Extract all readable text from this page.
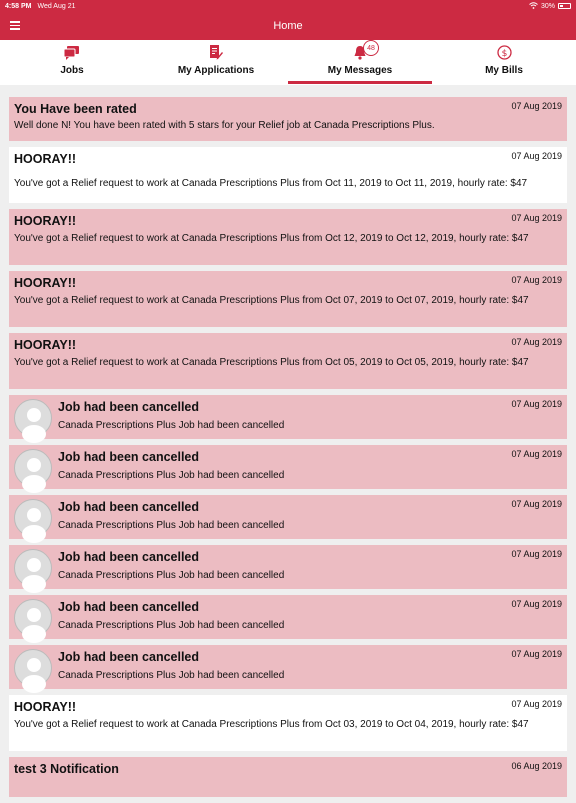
4:58 PM Wed Aug 21	30%
Home
Jobs	My Applications
48
My Messages
$
My Bills
You Have been rated	07 Aug 2019
Well done N! You have been rated with 5 stars for your Relief job at Canada Prescriptions Plus.
HOORAY!!	07 Aug 2019
You've got a Relief request to work at Canada Prescriptions Plus from Oct 11, 2019 to Oct 11, 2019, hourly rate: $47
HOORAY!!	07 Aug 2019
You've got a Relief request to work at Canada Prescriptions Plus from Oct 12, 2019 to Oct 12, 2019, hourly rate: $47
HOORAY!!	07 Aug 2019
You've got a Relief request to work at Canada Prescriptions Plus from Oct 07, 2019 to Oct 07, 2019, hourly rate: $47
HOORAY!!	07 Aug 2019
You've got a Relief request to work at Canada Prescriptions Plus from Oct 05, 2019 to Oct 05, 2019, hourly rate: $47
Job had been cancelled
Canada Prescriptions Plus Job had been cancelled
07 Aug 2019
Job had been cancelled
Canada Prescriptions Plus Job had been cancelled
07 Aug 2019
Job had been cancelled
Canada Prescriptions Plus Job had been cancelled
07 Aug 2019
Job had been cancelled
Canada Prescriptions Plus Job had been cancelled
07 Aug 2019
Job had been cancelled
Canada Prescriptions Plus Job had been cancelled
07 Aug 2019
Job had been cancelled
Canada Prescriptions Plus Job had been cancelled
07 Aug 2019
HOORAY!!	07 Aug 2019
You've got a Relief request to work at Canada Prescriptions Plus from Oct 03, 2019 to Oct 04, 2019, hourly rate: $47
test 3 Notification	06 Aug 2019
